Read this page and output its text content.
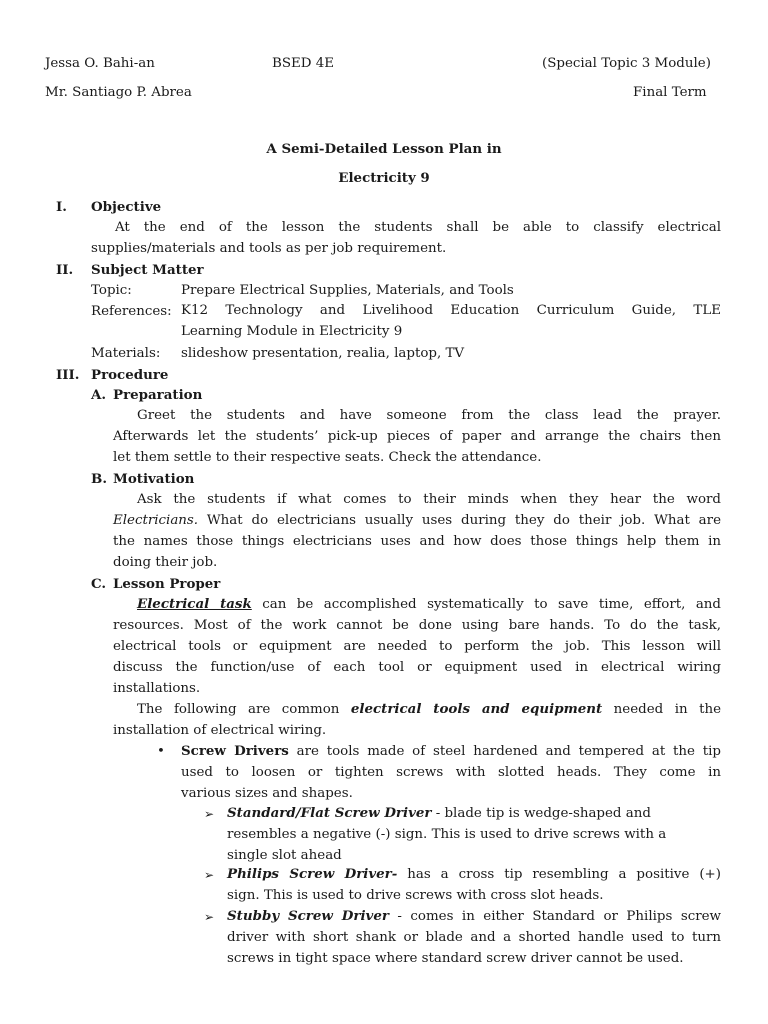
Jessa O. Bahi-an	BSED 4E	(Special Topic 3 Module)
Mr. Santiago P. Abrea	Final Term
A Semi-Detailed Lesson Plan in
Electricity 9
I. Objective
At the end of the lesson the students shall be able to classify electrical
supplies/materials and tools as per job requirement.
II. Subject Matter
Topic:	Prepare Electrical Supplies, Materials, and Tools
References: K12 Technology and Livelihood Education Curriculum Guide, TLE
Learning Module in Electricity 9
Materials: slideshow presentation, realia, laptop, TV
III. Procedure
A. Preparation
Greet the students and have someone from the class lead the prayer.
Afterwards let the students’ pick-up pieces of paper and arrange the chairs then
let them settle to their respective seats. Check the attendance.
B. Motivation
Ask the students if what comes to their minds when they hear the word
Electricians. What do electricians usually uses during they do their job. What are
the names those things electricians uses and how does those things help them in
doing their job.
C. Lesson Proper
Electrical task can be accomplished systematically to save time, effort, and
resources. Most of the work cannot be done using bare hands. To do the task,
electrical tools or equipment are needed to perform the job. This lesson will
discuss the function/use of each tool or equipment used in electrical wiring
installations.
The following are common electrical tools and equipment needed in the
installation of electrical wiring.
• Screw Drivers are tools made of steel hardened and tempered at the tip
used to loosen or tighten screws with slotted heads. They come in
various sizes and shapes.
➢ Standard/Flat Screw Driver - blade tip is wedge-shaped and
resembles a negative (-) sign. This is used to drive screws with a
single slot ahead
➢ Philips Screw Driver- has a cross tip resembling a positive (+)
sign. This is used to drive screws with cross slot heads.
➢ Stubby Screw Driver - comes in either Standard or Philips screw
driver with short shank or blade and a shorted handle used to turn
screws in tight space where standard screw driver cannot be used.
